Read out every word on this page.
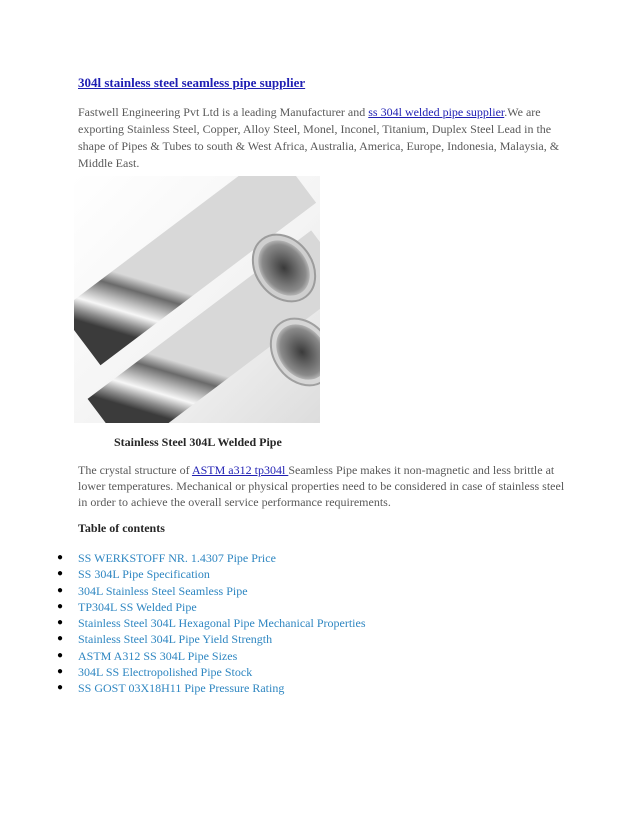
304l stainless steel seamless pipe supplier
Fastwell Engineering Pvt Ltd is a leading Manufacturer and ss 304l welded pipe supplier.We are exporting Stainless Steel, Copper, Alloy Steel, Monel, Inconel, Titanium, Duplex Steel Lead in the shape of Pipes & Tubes to south & West Africa, Australia, America, Europe, Indonesia, Malaysia, & Middle East.
Stainless Steel 304L Welded Pipe
The crystal structure of ASTM a312 tp304l Seamless Pipe makes it non-magnetic and less brittle at lower temperatures. Mechanical or physical properties need to be considered in case of stainless steel in order to achieve the overall service performance requirements.
Table of contents
● SS WERKSTOFF NR. 1.4307 Pipe Price
● SS 304L Pipe Specification
● 304L Stainless Steel Seamless Pipe
● TP304L SS Welded Pipe
● Stainless Steel 304L Hexagonal Pipe Mechanical Properties
● Stainless Steel 304L Pipe Yield Strength
● ASTM A312 SS 304L Pipe Sizes
● 304L SS Electropolished Pipe Stock
● SS GOST 03X18H11 Pipe Pressure Rating
